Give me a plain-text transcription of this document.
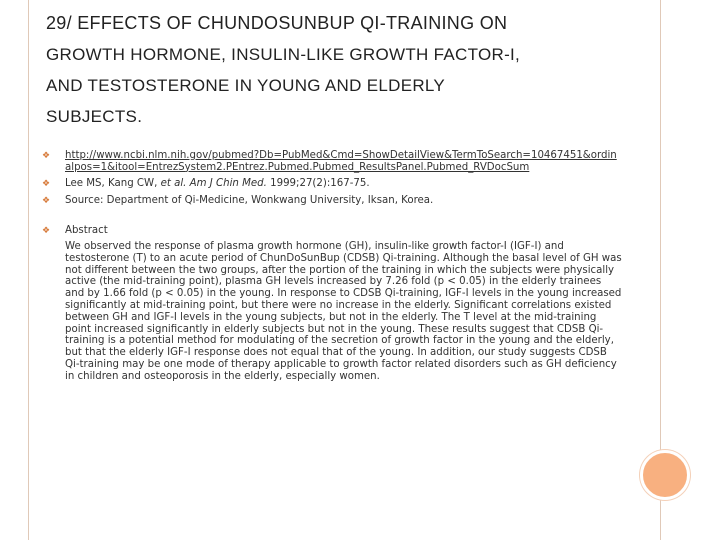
29/ EFFECTS OF CHUNDOSUNBUP QI-TRAINING ON
GROWTH HORMONE, INSULIN-LIKE GROWTH FACTOR-I,
AND TESTOSTERONE IN YOUNG AND ELDERLY
SUBJECTS.
❖ http://www.ncbi.nlm.nih.gov/pubmed?Db=PubMed&Cmd=ShowDetailView&TermToSearch=10467451&ordinalpos=1&itool=EntrezSystem2.PEntrez.Pubmed.Pubmed_ResultsPanel.Pubmed_RVDocSum
❖ Lee MS, Kang CW, et al. Am J Chin Med. 1999;27(2):167-75.
❖ Source: Department of Qi-Medicine, Wonkwang University, Iksan, Korea.
❖ Abstract
We observed the response of plasma growth hormone (GH), insulin-like growth factor-I (IGF-I) and testosterone (T) to an acute period of ChunDoSunBup (CDSB) Qi-training. Although the basal level of GH was not different between the two groups, after the portion of the training in which the subjects were physically active (the mid-training point), plasma GH levels increased by 7.26 fold (p < 0.05) in the elderly trainees and by 1.66 fold (p < 0.05) in the young. In response to CDSB Qi-training, IGF-I levels in the young increased significantly at mid-training point, but there were no increase in the elderly. Significant correlations existed between GH and IGF-I levels in the young subjects, but not in the elderly. The T level at the mid-training point increased significantly in elderly subjects but not in the young. These results suggest that CDSB Qi-training is a potential method for modulating of the secretion of growth factor in the young and the elderly, but that the elderly IGF-I response does not equal that of the young. In addition, our study suggests CDSB Qi-training may be one mode of therapy applicable to growth factor related disorders such as GH deficiency in children and osteoporosis in the elderly, especially women.
